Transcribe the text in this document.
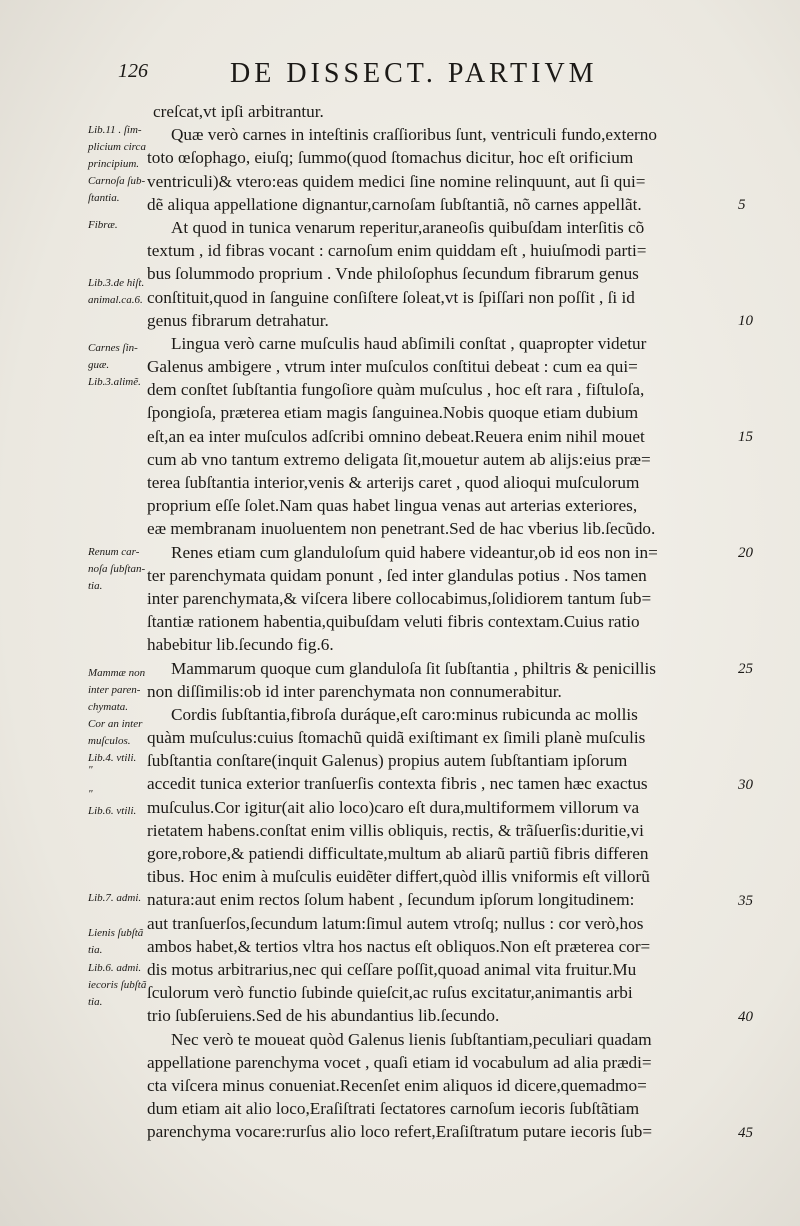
126	DE DISSECT. PARTIVM
Lib.11 . ſim-
plicium circa
principium.
Carnoſa ſub-
ſtantia.
Fibræ.
Lib.3.de hiſt.
animal.ca.6.
Carnes ſin-
guæ.
Lib.3.alimẽ.
Renum car-
noſa ſubſtan-
tia.
Mammæ non
inter paren-
chymata.
Cor an inter
muſculos.
Lib.4. vtili.
"
"
Lib.6. vtili.
Lib.7. admi.
Lienis ſubſtã
tia.
Lib.6. admi.
iecoris ſubſtã
tia.
creſcat,vt ipſi arbitrantur.
Quæ verò carnes in inteſtinis craſſioribus ſunt, ventriculi fundo,externo
toto œſophago, eiuſq; ſummo(quod ſtomachus dicitur, hoc eſt orificium
ventriculi)& vtero:eas quidem medici ſine nomine relinquunt, aut ſi qui=
dẽ aliqua appellatione dignantur,carnoſam ſubſtantiã, nõ carnes appellãt.
At quod in tunica venarum reperitur,araneoſis quibuſdam interſitis cõ
textum , id fibras vocant : carnoſum enim quiddam eſt , huiuſmodi parti=
bus ſolummodo proprium . Vnde philoſophus ſecundum fibrarum genus
conſtituit,quod in ſanguine conſiſtere ſoleat,vt is ſpiſſari non poſſit , ſi id
genus fibrarum detrahatur.
Lingua verò carne muſculis haud abſimili conſtat , quapropter videtur
Galenus ambigere , vtrum inter muſculos conſtitui debeat : cum ea qui=
dem conſtet ſubſtantia fungoſiore quàm muſculus , hoc eſt rara , fiſtuloſa,
ſpongioſa, præterea etiam magis ſanguinea.Nobis quoque etiam dubium
eſt,an ea inter muſculos adſcribi omnino debeat.Reuera enim nihil mouet
cum ab vno tantum extremo deligata ſit,mouetur autem ab alijs:eius præ=
terea ſubſtantia interior,venis & arterijs caret , quod alioqui muſculorum
proprium eſſe ſolet.Nam quas habet lingua venas aut arterias exteriores,
eæ membranam inuoluentem non penetrant.Sed de hac vberius lib.ſecũdo.
Renes etiam cum glanduloſum quid habere videantur,ob id eos non in=
ter parenchymata quidam ponunt , ſed inter glandulas potius . Nos tamen
inter parenchymata,& viſcera libere collocabimus,ſolidiorem tantum ſub=
ſtantiæ rationem habentia,quibuſdam veluti fibris contextam.Cuius ratio
habebitur lib.ſecundo fig.6.
Mammarum quoque cum glanduloſa ſit ſubſtantia , philtris & penicillis
non diſſimilis:ob id inter parenchymata non connumerabitur.
Cordis ſubſtantia,fibroſa duráque,eſt caro:minus rubicunda ac mollis
quàm muſculus:cuius ſtomachũ quidã exiſtimant ex ſimili planè muſculis
ſubſtantia conſtare(inquit Galenus) propius autem ſubſtantiam ipſorum
accedit tunica exterior tranſuerſis contexta fibris , nec tamen hæc exactus
muſculus.Cor igitur(ait alio loco)caro eſt dura,multiformem villorum va
rietatem habens.conſtat enim villis obliquis, rectis, & trãſuerſis:duritie,vi
gore,robore,& patiendi difficultate,multum ab aliarũ partiũ fibris differen
tibus. Hoc enim à muſculis euidẽter differt,quòd illis vniformis eſt villorũ
natura:aut enim rectos ſolum habent , ſecundum ipſorum longitudinem:
aut tranſuerſos,ſecundum latum:ſimul autem vtroſq; nullus : cor verò,hos
ambos habet,& tertios vltra hos nactus eſt obliquos.Non eſt præterea cor=
dis motus arbitrarius,nec qui ceſſare poſſit,quoad animal vita fruitur.Mu
ſculorum verò functio ſubinde quieſcit,ac ruſus excitatur,animantis arbi
trio ſubſeruiens.Sed de his abundantius lib.ſecundo.
Nec verò te moueat quòd Galenus lienis ſubſtantiam,peculiari quadam
appellatione parenchyma vocet , quaſi etiam id vocabulum ad alia prædi=
cta viſcera minus conueniat.Recenſet enim aliquos id dicere,quemadmo=
dum etiam ait alio loco,Eraſiſtrati ſectatores carnoſum iecoris ſubſtãtiam
parenchyma vocare:rurſus alio loco refert,Eraſiſtratum putare iecoris ſub=
5
10
15
20
25
30
35
40
45
